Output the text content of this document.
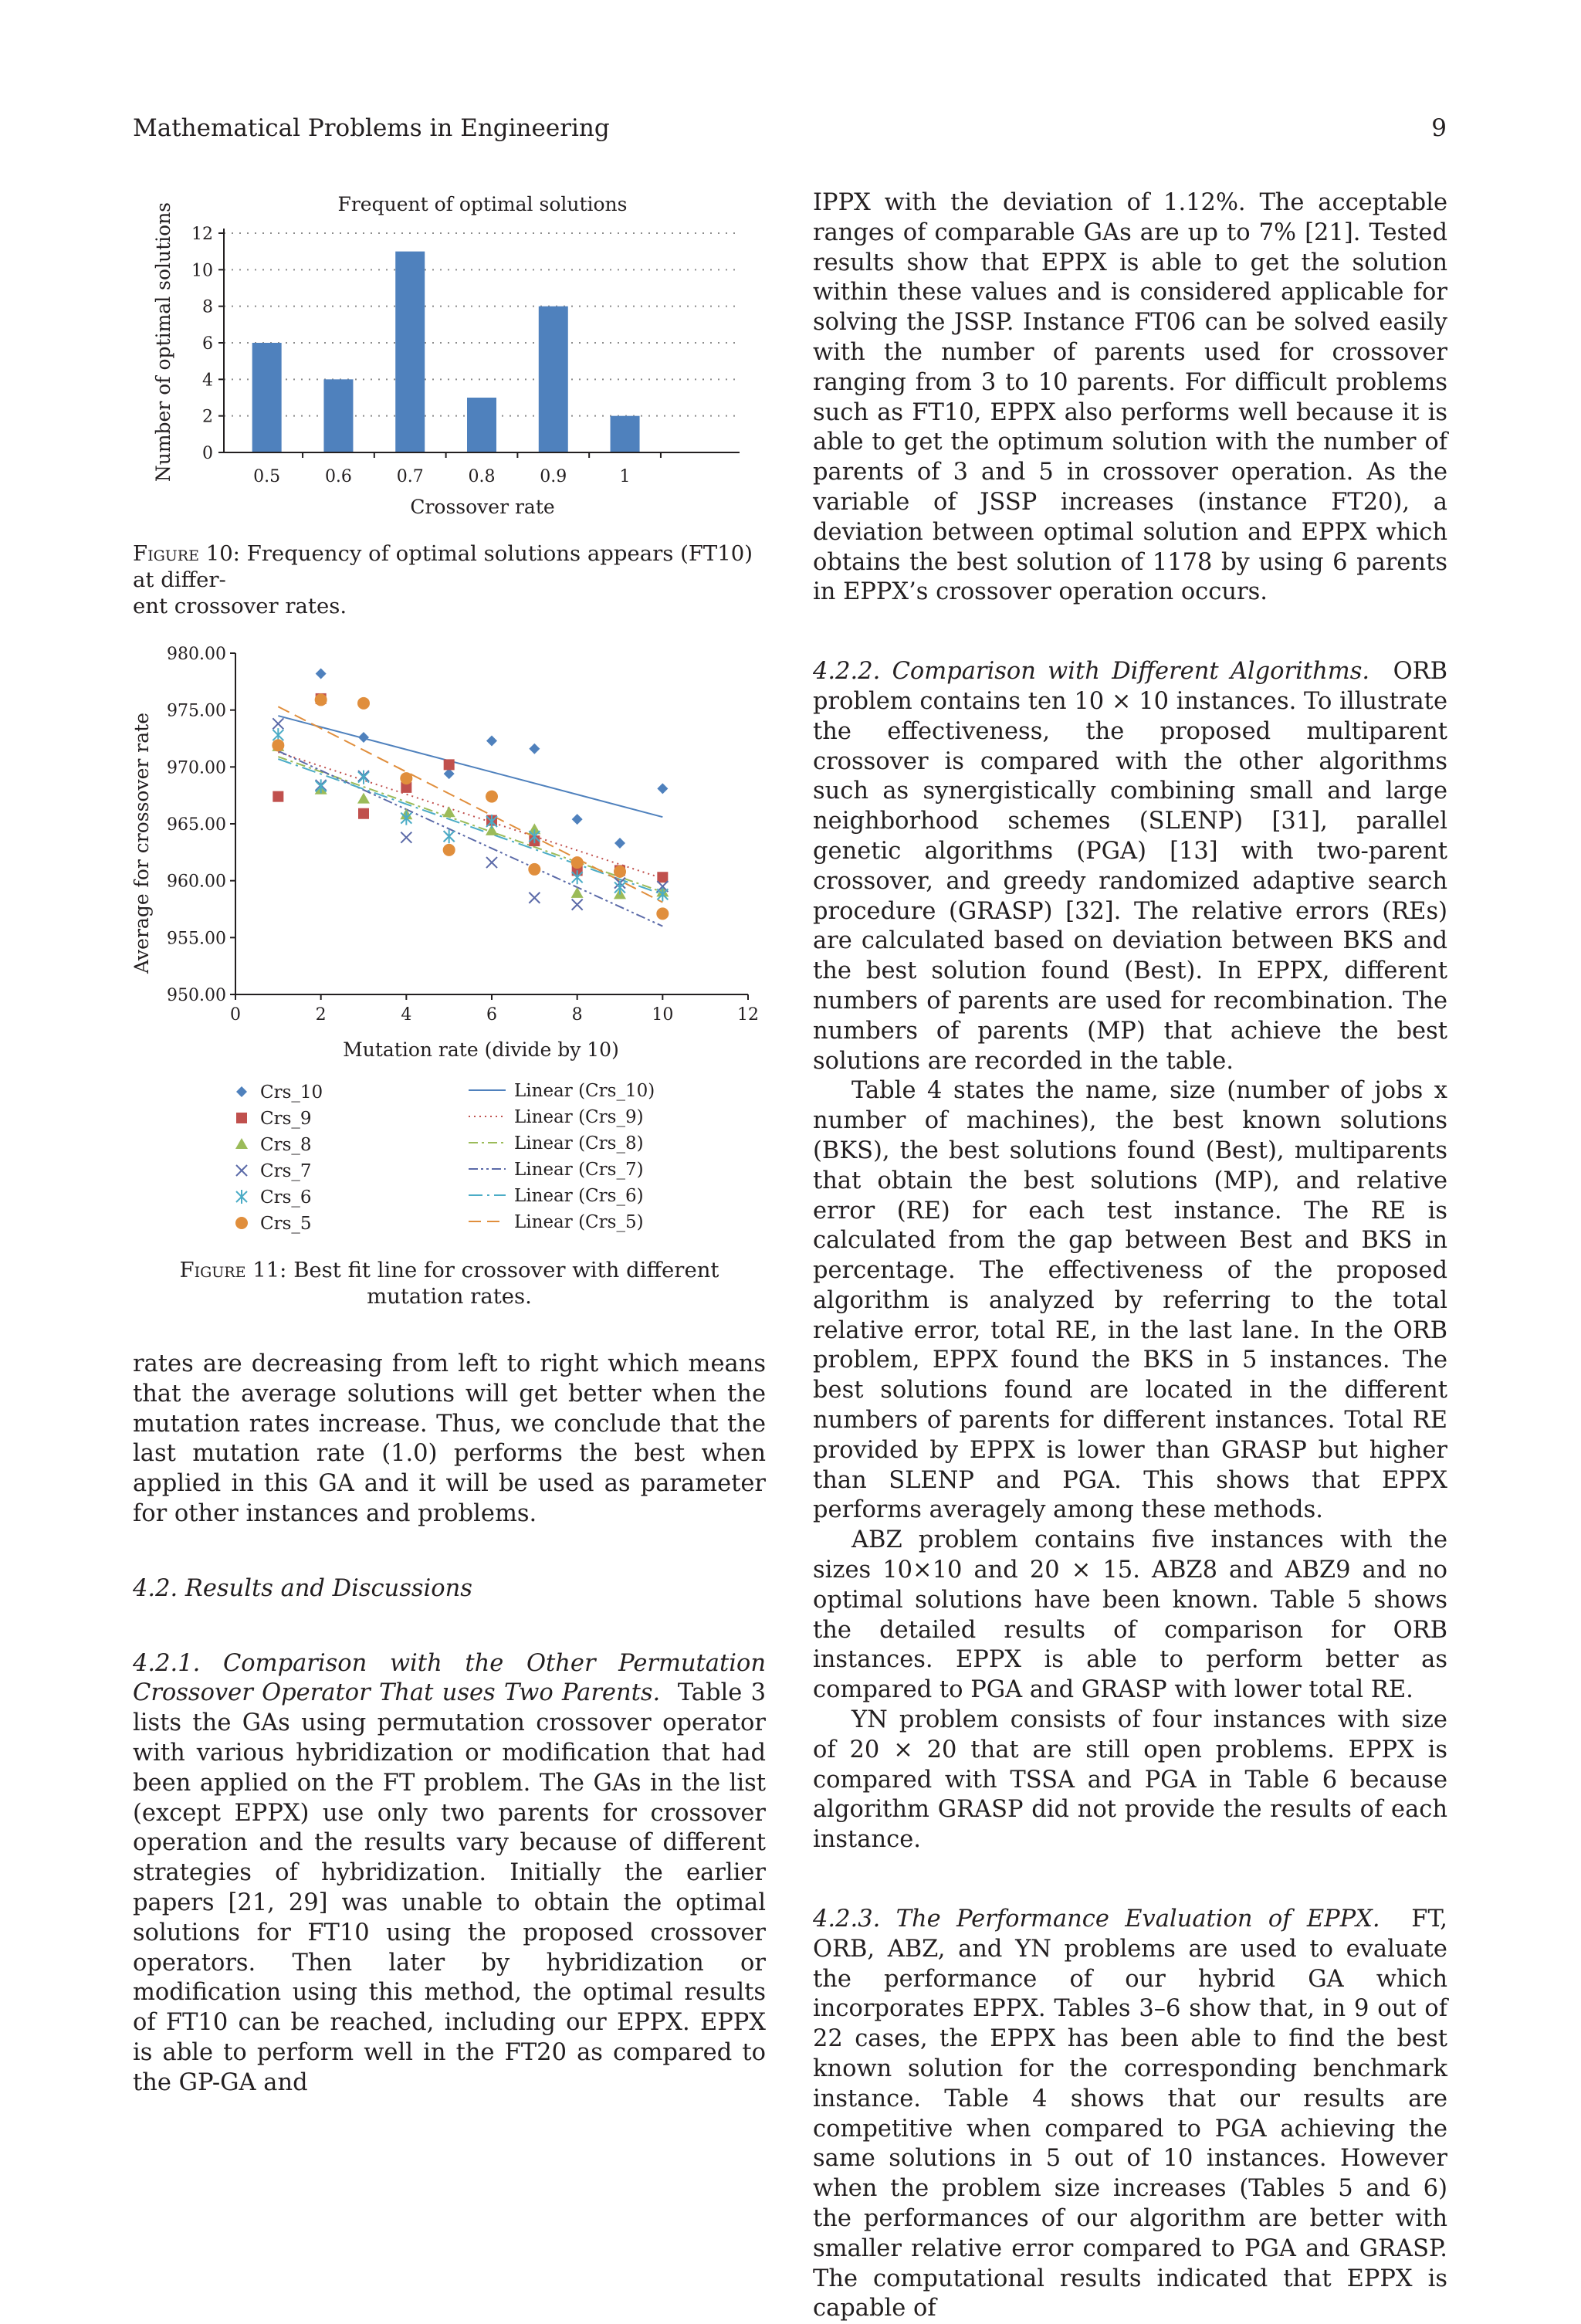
Mathematical Problems in Engineering	9
Frequent of optimal solutions
Number of optimal solutions
Crossover rate
0
2
4
6
8
10
12
0.5	0.6	0.7	0.8	0.9	1
Figure 10: Frequency of optimal solutions appears (FT10) at differ-
ent crossover rates.
Average for crossover rate
Mutation rate (divide by 10)
950.00
955.00
960.00
965.00
970.00
975.00
980.00
0	2	4	6	8	10	12
Crs_10	Linear (Crs_10)
Crs_9	Linear (Crs_9)
Crs_8	Linear (Crs_8)
Crs_7	Linear (Crs_7)
Crs_6	Linear (Crs_6)
Crs_5	Linear (Crs_5)
Figure 11: Best fit line for crossover with different mutation rates.

rates are decreasing from left to right which means that the average solutions will get better when the mutation rates increase. Thus, we conclude that the last mutation rate (1.0) performs the best when applied in this GA and it will be used as parameter for other instances and problems.

4.2. Results and Discussions

4.2.1. Comparison with the Other Permutation Crossover Operator That uses Two Parents. Table 3 lists the GAs using permutation crossover operator with various hybridization or modification that had been applied on the FT problem. The GAs in the list (except EPPX) use only two parents for crossover operation and the results vary because of different strategies of hybridization. Initially the earlier papers [21, 29] was unable to obtain the optimal solutions for FT10 using the proposed crossover operators. Then later by hybridization or modification using this method, the optimal results of FT10 can be reached, including our EPPX. EPPX is able to perform well in the FT20 as compared to the GP-GA and

IPPX with the deviation of 1.12%. The acceptable ranges of comparable GAs are up to 7% [21]. Tested results show that EPPX is able to get the solution within these values and is considered applicable for solving the JSSP. Instance FT06 can be solved easily with the number of parents used for crossover ranging from 3 to 10 parents. For difficult problems such as FT10, EPPX also performs well because it is able to get the optimum solution with the number of parents of 3 and 5 in crossover operation. As the variable of JSSP increases (instance FT20), a deviation between optimal solution and EPPX which obtains the best solution of 1178 by using 6 parents in EPPX’s crossover operation occurs.

4.2.2. Comparison with Different Algorithms. ORB problem contains ten 10 × 10 instances. To illustrate the effectiveness, the proposed multiparent crossover is compared with the other algorithms such as synergistically combining small and large neighborhood schemes (SLENP) [31], parallel genetic algorithms (PGA) [13] with two-parent crossover, and greedy randomized adaptive search procedure (GRASP) [32]. The relative errors (REs) are calculated based on deviation between BKS and the best solution found (Best). In EPPX, different numbers of parents are used for recombination. The numbers of parents (MP) that achieve the best solutions are recorded in the table.

Table 4 states the name, size (number of jobs x number of machines), the best known solutions (BKS), the best solutions found (Best), multiparents that obtain the best solutions (MP), and relative error (RE) for each test instance. The RE is calculated from the gap between Best and BKS in percentage. The effectiveness of the proposed algorithm is analyzed by referring to the total relative error, total RE, in the last lane. In the ORB problem, EPPX found the BKS in 5 instances. The best solutions found are located in the different numbers of parents for different instances. Total RE provided by EPPX is lower than GRASP but higher than SLENP and PGA. This shows that EPPX performs averagely among these methods.

ABZ problem contains five instances with the sizes 10×10 and 20 × 15. ABZ8 and ABZ9 and no optimal solutions have been known. Table 5 shows the detailed results of comparison for ORB instances. EPPX is able to perform better as compared to PGA and GRASP with lower total RE.

YN problem consists of four instances with size of 20 × 20 that are still open problems. EPPX is compared with TSSA and PGA in Table 6 because algorithm GRASP did not provide the results of each instance.

4.2.3. The Performance Evaluation of EPPX. FT, ORB, ABZ, and YN problems are used to evaluate the performance of our hybrid GA which incorporates EPPX. Tables 3–6 show that, in 9 out of 22 cases, the EPPX has been able to find the best known solution for the corresponding benchmark instance. Table 4 shows that our results are competitive when compared to PGA achieving the same solutions in 5 out of 10 instances. However when the problem size increases (Tables 5 and 6) the performances of our algorithm are better with smaller relative error compared to PGA and GRASP. The computational results indicated that EPPX is capable of
